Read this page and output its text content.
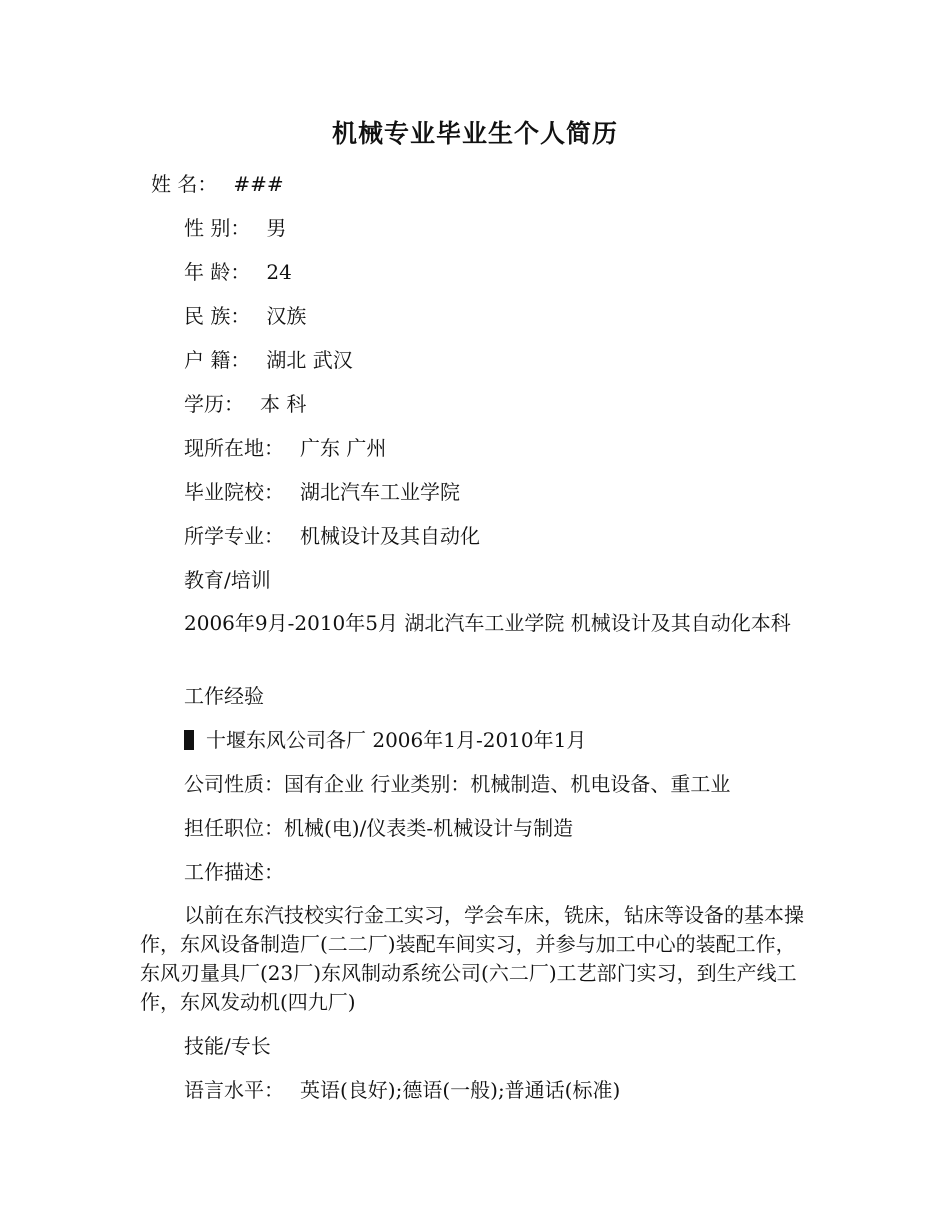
机械专业毕业生个人简历
姓 名： ###
性 别： 男
年 龄： 24
民 族： 汉族
户 籍： 湖北 武汉
学历： 本 科
现所在地： 广东 广州
毕业院校： 湖北汽车工业学院
所学专业： 机械设计及其自动化
教育/培训
2006年9月-2010年5月 湖北汽车工业学院 机械设计及其自动化本科
工作经验
十堰东风公司各厂 2006年1月-2010年1月
公司性质：国有企业 行业类别：机械制造、机电设备、重工业
担任职位：机械(电)/仪表类-机械设计与制造
工作描述：
以前在东汽技校实行金工实习，学会车床，铣床，钻床等设备的基本操作，东风设备制造厂(二二厂)装配车间实习，并参与加工中心的装配工作，东风刃量具厂(23厂)东风制动系统公司(六二厂)工艺部门实习，到生产线工作，东风发动机(四九厂)
技能/专长
语言水平： 英语(良好);德语(一般);普通话(标准)
